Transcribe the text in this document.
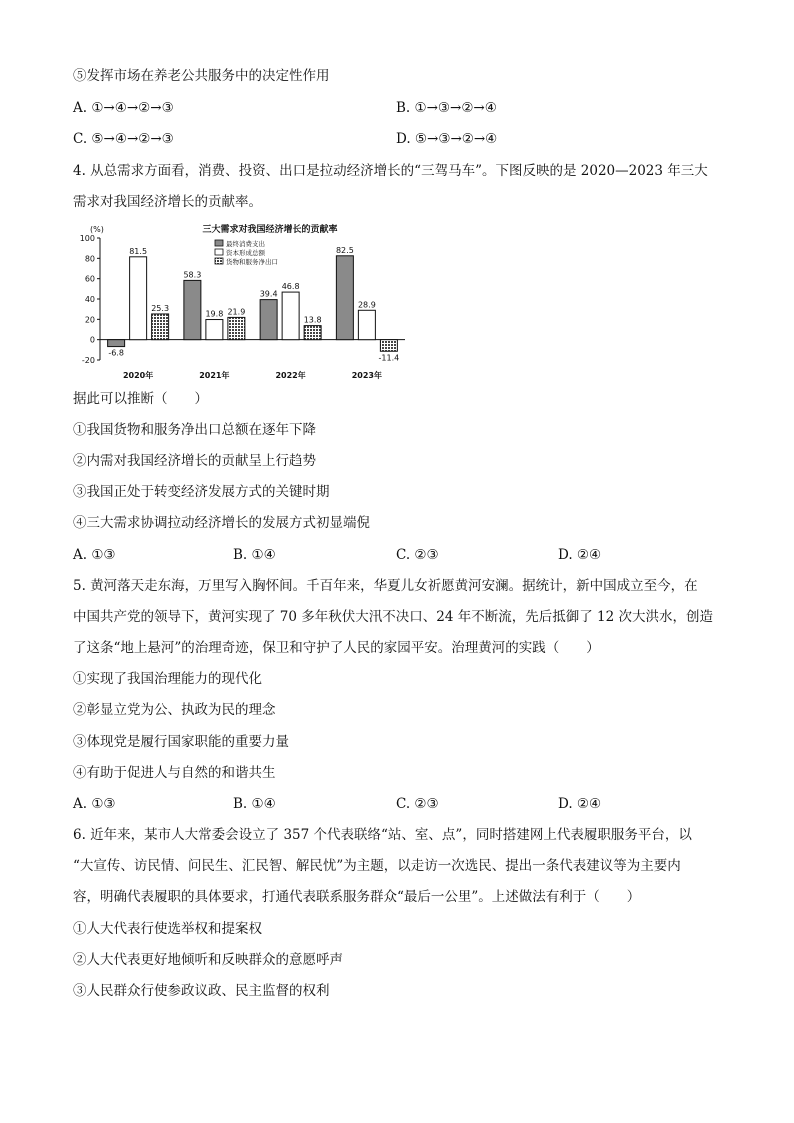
⑤发挥市场在养老公共服务中的决定性作用
A. ①→④→②→③	B. ①→③→②→④
C. ⑤→④→②→③	D. ⑤→③→②→④
4. 从总需求方面看，消费、投资、出口是拉动经济增长的“三驾马车”。下图反映的是 2020—2023 年三大
需求对我国经济增长的贡献率。
三大需求对我国经济增长的贡献率
(%)
100
80
60
40
20
0
-20
-6.8
81.5
25.3
2020年
58.3
19.8 21.9
2021年
39.4
46.8
13.8
2022年
82.5
28.9
-11.4
2023年
最终消费支出
资本形成总额
货物和服务净出口
据此可以推断（　　）
①我国货物和服务净出口总额在逐年下降
②内需对我国经济增长的贡献呈上行趋势
③我国正处于转变经济发展方式的关键时期
④三大需求协调拉动经济增长的发展方式初显端倪
A. ①③	B. ①④	C. ②③	D. ②④
5. 黄河落天走东海，万里写入胸怀间。千百年来，华夏儿女祈愿黄河安澜。据统计，新中国成立至今，在
中国共产党的领导下，黄河实现了 70 多年秋伏大汛不决口、24 年不断流，先后抵御了 12 次大洪水，创造
了这条“地上悬河”的治理奇迹，保卫和守护了人民的家园平安。治理黄河的实践（　　）
①实现了我国治理能力的现代化
②彰显立党为公、执政为民的理念
③体现党是履行国家职能的重要力量
④有助于促进人与自然的和谐共生
A. ①③	B. ①④	C. ②③	D. ②④
6. 近年来，某市人大常委会设立了 357 个代表联络“站、室、点”，同时搭建网上代表履职服务平台，以
“大宣传、访民情、问民生、汇民智、解民忧”为主题，以走访一次选民、提出一条代表建议等为主要内
容，明确代表履职的具体要求，打通代表联系服务群众“最后一公里”。上述做法有利于（　　）
①人大代表行使选举权和提案权
②人大代表更好地倾听和反映群众的意愿呼声
③人民群众行使参政议政、民主监督的权利
